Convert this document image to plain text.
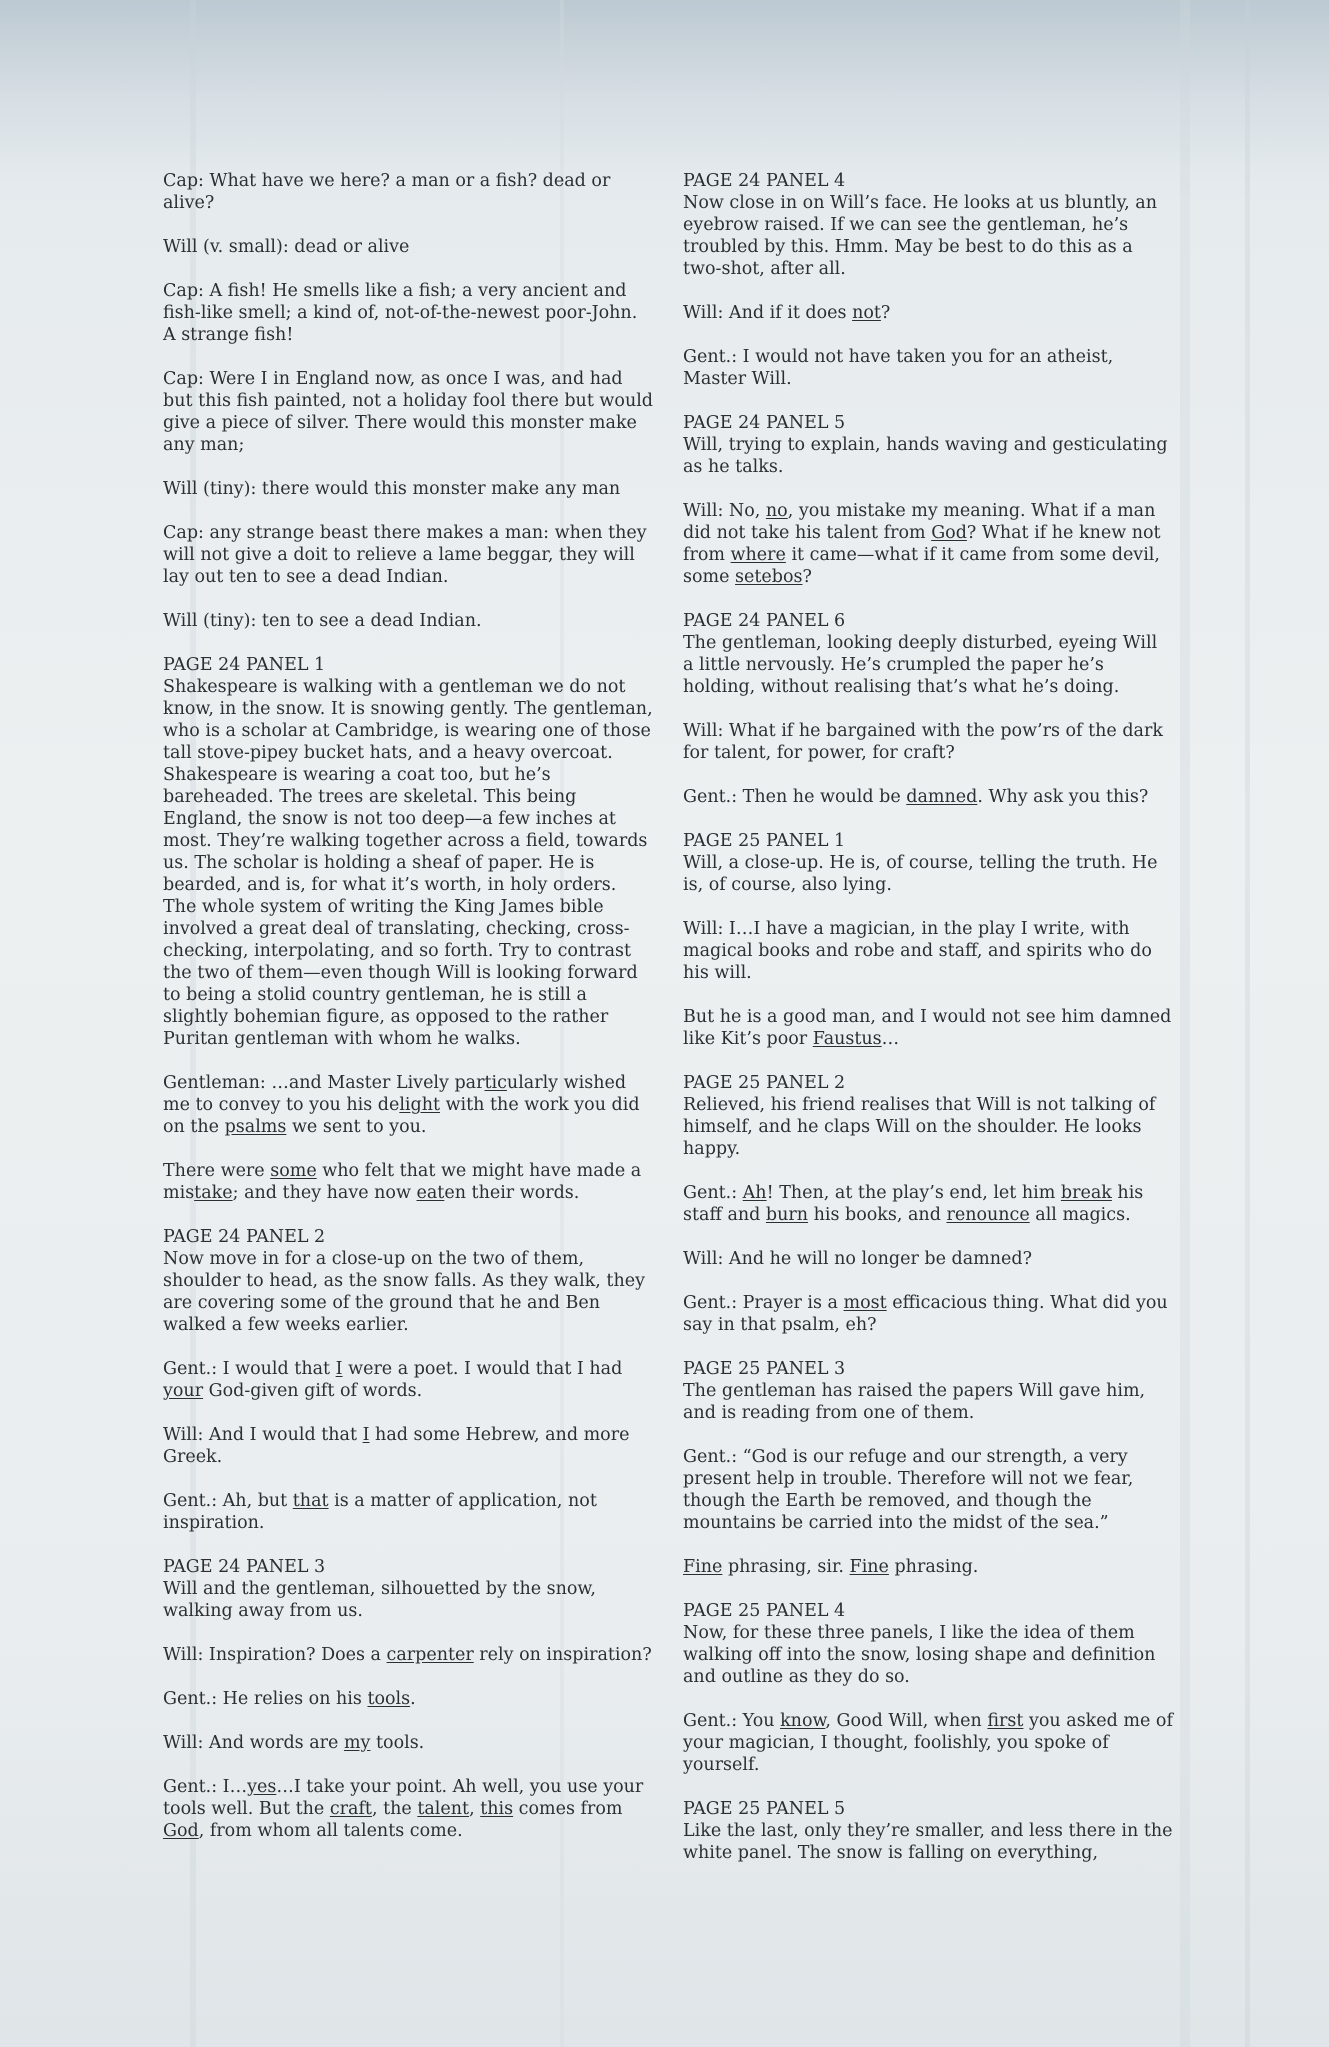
Cap: What have we here? a man or a fish? dead or alive?

Will (v. small): dead or alive

Cap: A fish! He smells like a fish; a very ancient and fish-like smell; a kind of, not-of-the-newest poor-John. A strange fish!

Cap: Were I in England now, as once I was, and had but this fish painted, not a holiday fool there but would give a piece of silver. There would this monster make any man;

Will (tiny): there would this monster make any man

Cap: any strange beast there makes a man: when they will not give a doit to relieve a lame beggar, they will lay out ten to see a dead Indian.

Will (tiny): ten to see a dead Indian.

PAGE 24 PANEL 1

Shakespeare is walking with a gentleman we do not know, in the snow. It is snowing gently. The gentleman, who is a scholar at Cambridge, is wearing one of those tall stove-pipey bucket hats, and a heavy overcoat. Shakespeare is wearing a coat too, but he’s bareheaded. The trees are skeletal. This being England, the snow is not too deep—a few inches at most. They’re walking together across a field, towards us. The scholar is holding a sheaf of paper. He is bearded, and is, for what it’s worth, in holy orders. The whole system of writing the King James bible involved a great deal of translating, checking, cross-checking, interpolating, and so forth. Try to contrast the two of them—even though Will is looking forward to being a stolid country gentleman, he is still a slightly bohemian figure, as opposed to the rather Puritan gentleman with whom he walks.

Gentleman: …and Master Lively particularly wished me to convey to you his delight with the work you did on the psalms we sent to you.

There were some who felt that we might have made a mistake; and they have now eaten their words.

PAGE 24 PANEL 2

Now move in for a close-up on the two of them, shoulder to head, as the snow falls. As they walk, they are covering some of the ground that he and Ben walked a few weeks earlier.

Gent.: I would that I were a poet. I would that I had your God-given gift of words.

Will: And I would that I had some Hebrew, and more Greek.

Gent.: Ah, but that is a matter of application, not inspiration.

PAGE 24 PANEL 3

Will and the gentleman, silhouetted by the snow, walking away from us.

Will: Inspiration? Does a carpenter rely on inspiration?

Gent.: He relies on his tools.

Will: And words are my tools.

Gent.: I…yes…I take your point. Ah well, you use your tools well. But the craft, the talent, this comes from God, from whom all talents come.

PAGE 24 PANEL 4

Now close in on Will’s face. He looks at us bluntly, an eyebrow raised. If we can see the gentleman, he’s troubled by this. Hmm. May be best to do this as a two-shot, after all.

Will: And if it does not?

Gent.: I would not have taken you for an atheist, Master Will.

PAGE 24 PANEL 5

Will, trying to explain, hands waving and gesticulating as he talks.

Will: No, no, you mistake my meaning. What if a man did not take his talent from God? What if he knew not from where it came—what if it came from some devil, some setebos?

PAGE 24 PANEL 6

The gentleman, looking deeply disturbed, eyeing Will a little nervously. He’s crumpled the paper he’s holding, without realising that’s what he’s doing.

Will: What if he bargained with the pow’rs of the dark for talent, for power, for craft?

Gent.: Then he would be damned. Why ask you this?

PAGE 25 PANEL 1

Will, a close-up. He is, of course, telling the truth. He is, of course, also lying.

Will: I…I have a magician, in the play I write, with magical books and robe and staff, and spirits who do his will.

But he is a good man, and I would not see him damned like Kit’s poor Faustus…

PAGE 25 PANEL 2

Relieved, his friend realises that Will is not talking of himself, and he claps Will on the shoulder. He looks happy.

Gent.: Ah! Then, at the play’s end, let him break his staff and burn his books, and renounce all magics.

Will: And he will no longer be damned?

Gent.: Prayer is a most efficacious thing. What did you say in that psalm, eh?

PAGE 25 PANEL 3

The gentleman has raised the papers Will gave him, and is reading from one of them.

Gent.: “God is our refuge and our strength, a very present help in trouble. Therefore will not we fear, though the Earth be removed, and though the mountains be carried into the midst of the sea.”

Fine phrasing, sir. Fine phrasing.

PAGE 25 PANEL 4

Now, for these three panels, I like the idea of them walking off into the snow, losing shape and definition and outline as they do so.

Gent.: You know, Good Will, when first you asked me of your magician, I thought, foolishly, you spoke of yourself.

PAGE 25 PANEL 5

Like the last, only they’re smaller, and less there in the white panel. The snow is falling on everything,
